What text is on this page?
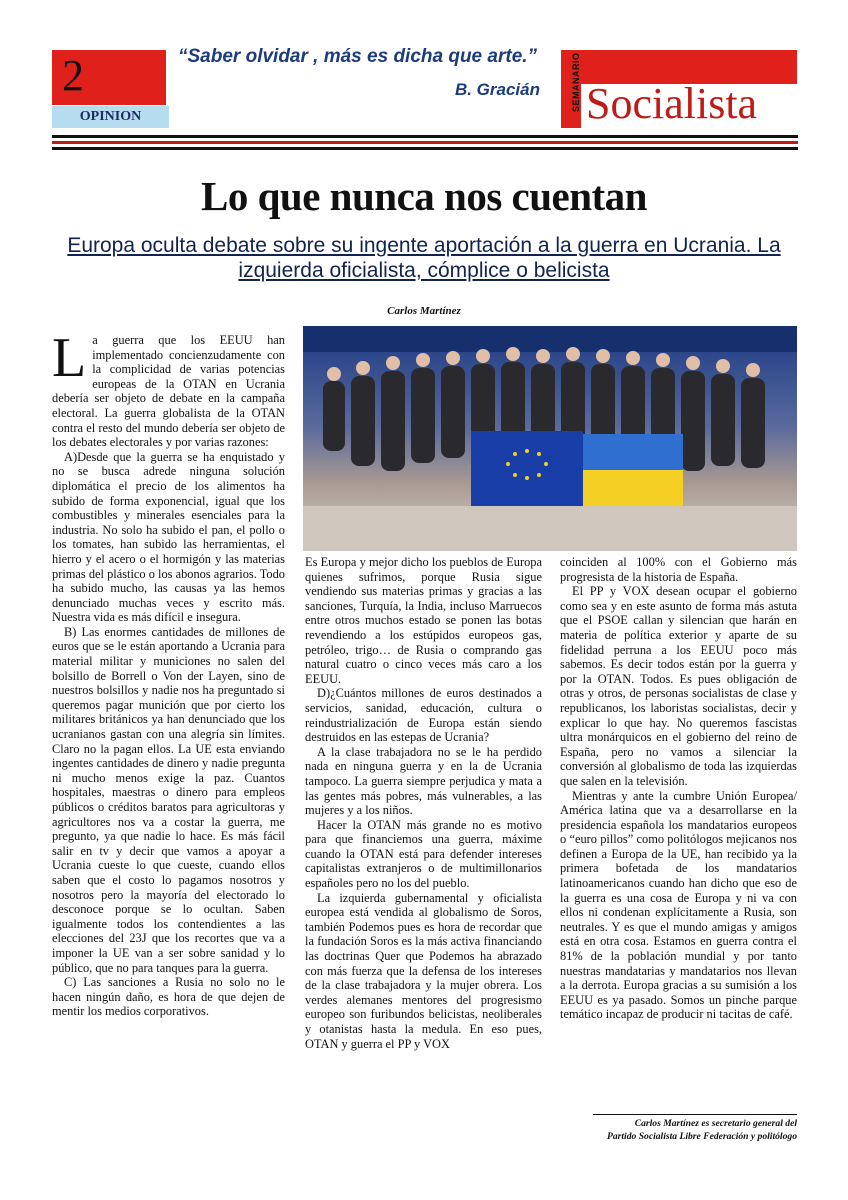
2
OPINION
“Saber olvidar , más es dicha que arte.”
B. Gracián	SEMANARIO Socialista
Lo que nunca nos cuentan
Europa oculta debate sobre su ingente aportación a la guerra en Ucrania. La izquierda oficialista, cómplice o belicista
Carlos Martínez

La guerra que los EEUU han implementado concienzudamente con la complicidad de varias potencias europeas de la OTAN en Ucrania debería ser objeto de debate en la campaña electoral. La guerra globalista de la OTAN contra el resto del mundo debería ser objeto de los debates electorales y por varias razones:

A)Desde que la guerra se ha enquistado y no se busca adrede ninguna solución diplomática el precio de los alimentos ha subido de forma exponencial, igual que los combustibles y minerales esenciales para la industria. No solo ha subido el pan, el pollo o los tomates, han subido las herramientas, el hierro y el acero o el hormigón y las materias primas del plástico o los abonos agrarios. Todo ha subido mucho, las causas ya las hemos denunciado muchas veces y escrito más. Nuestra vida es más difícil e insegura.

B) Las enormes cantidades de millones de euros que se le están aportando a Ucrania para material militar y municiones no salen del bolsillo de Borrell o Von der Layen, sino de nuestros bolsillos y nadie nos ha preguntado si queremos pagar munición que por cierto los militares británicos ya han denunciado que los ucranianos gastan con una alegría sin límites. Claro no la pagan ellos. La UE esta enviando ingentes cantidades de dinero y nadie pregunta ni mucho menos exige la paz. Cuantos hospitales, maestras o dinero para empleos públicos o créditos baratos para agricultoras y agricultores nos va a costar la guerra, me pregunto, ya que nadie lo hace. Es más fácil salir en tv y decir que vamos a apoyar a Ucrania cueste lo que cueste, cuando ellos saben que el costo lo pagamos nosotros y nosotros pero la mayoría del electorado lo desconoce porque se lo ocultan. Saben igualmente todos los contendientes a las elecciones del 23J que los recortes que va a imponer la UE van a ser sobre sanidad y lo público, que no para tanques para la guerra.

C) Las sanciones a Rusia no solo no le hacen ningún daño, es hora de que dejen de mentir los medios corporativos.

Es Europa y mejor dicho los pueblos de Europa quienes sufrimos, porque Rusia sigue vendiendo sus materias primas y gracias a las sanciones, Turquía, la India, incluso Marruecos entre otros muchos estado se ponen las botas revendiendo a los estúpidos europeos gas, petróleo, trigo… de Rusia o comprando gas natural cuatro o cinco veces más caro a los EEUU.

D)¿Cuántos millones de euros destinados a servicios, sanidad, educación, cultura o reindustrialización de Europa están siendo destruidos en las estepas de Ucrania?

A la clase trabajadora no se le ha perdido nada en ninguna guerra y en la de Ucrania tampoco. La guerra siempre perjudica y mata a las gentes más pobres, más vulnerables, a las mujeres y a los niños.

Hacer la OTAN más grande no es motivo para que financiemos una guerra, máxime cuando la OTAN está para defender intereses capitalistas extranjeros o de multimillonarios españoles pero no los del pueblo.

La izquierda gubernamental y oficialista europea está vendida al globalismo de Soros, también Podemos pues es hora de recordar que la fundación Soros es la más activa financiando las doctrinas Quer que Podemos ha abrazado con más fuerza que la defensa de los intereses de la clase trabajadora y la mujer obrera. Los verdes alemanes mentores del progresismo europeo son furibundos belicistas, neoliberales y otanistas hasta la medula. En eso pues, OTAN y guerra el PP y VOX

coinciden al 100% con el Gobierno más progresista de la historia de España.

El PP y VOX desean ocupar el gobierno como sea y en este asunto de forma más astuta que el PSOE callan y silencian que harán en materia de política exterior y aparte de su fidelidad perruna a los EEUU poco más sabemos. Es decir todos están por la guerra y por la OTAN. Todos. Es pues obligación de otras y otros, de personas socialistas de clase y republicanos, los laboristas socialistas, decir y explicar lo que hay. No queremos fascistas ultra monárquicos en el gobierno del reino de España, pero no vamos a silenciar la conversión al globalismo de toda las izquierdas que salen en la televisión.

Mientras y ante la cumbre Unión Europea/ América latina que va a desarrollarse en la presidencia española los mandatarios europeos o “euro pillos” como politólogos mejicanos nos definen a Europa de la UE, han recibido ya la primera bofetada de los mandatarios latinoamericanos cuando han dicho que eso de la guerra es una cosa de Europa y ni va con ellos ni condenan explícitamente a Rusia, son neutrales. Y es que el mundo amigas y amigos está en otra cosa. Estamos en guerra contra el 81% de la población mundial y por tanto nuestras mandatarias y mandatarios nos llevan a la derrota. Europa gracias a su sumisión a los EEUU es ya pasado. Somos un pinche parque temático incapaz de producir ni tacitas de café.

Carlos Martínez es secretario general del
Partido Socialista Libre Federación y politólogo
